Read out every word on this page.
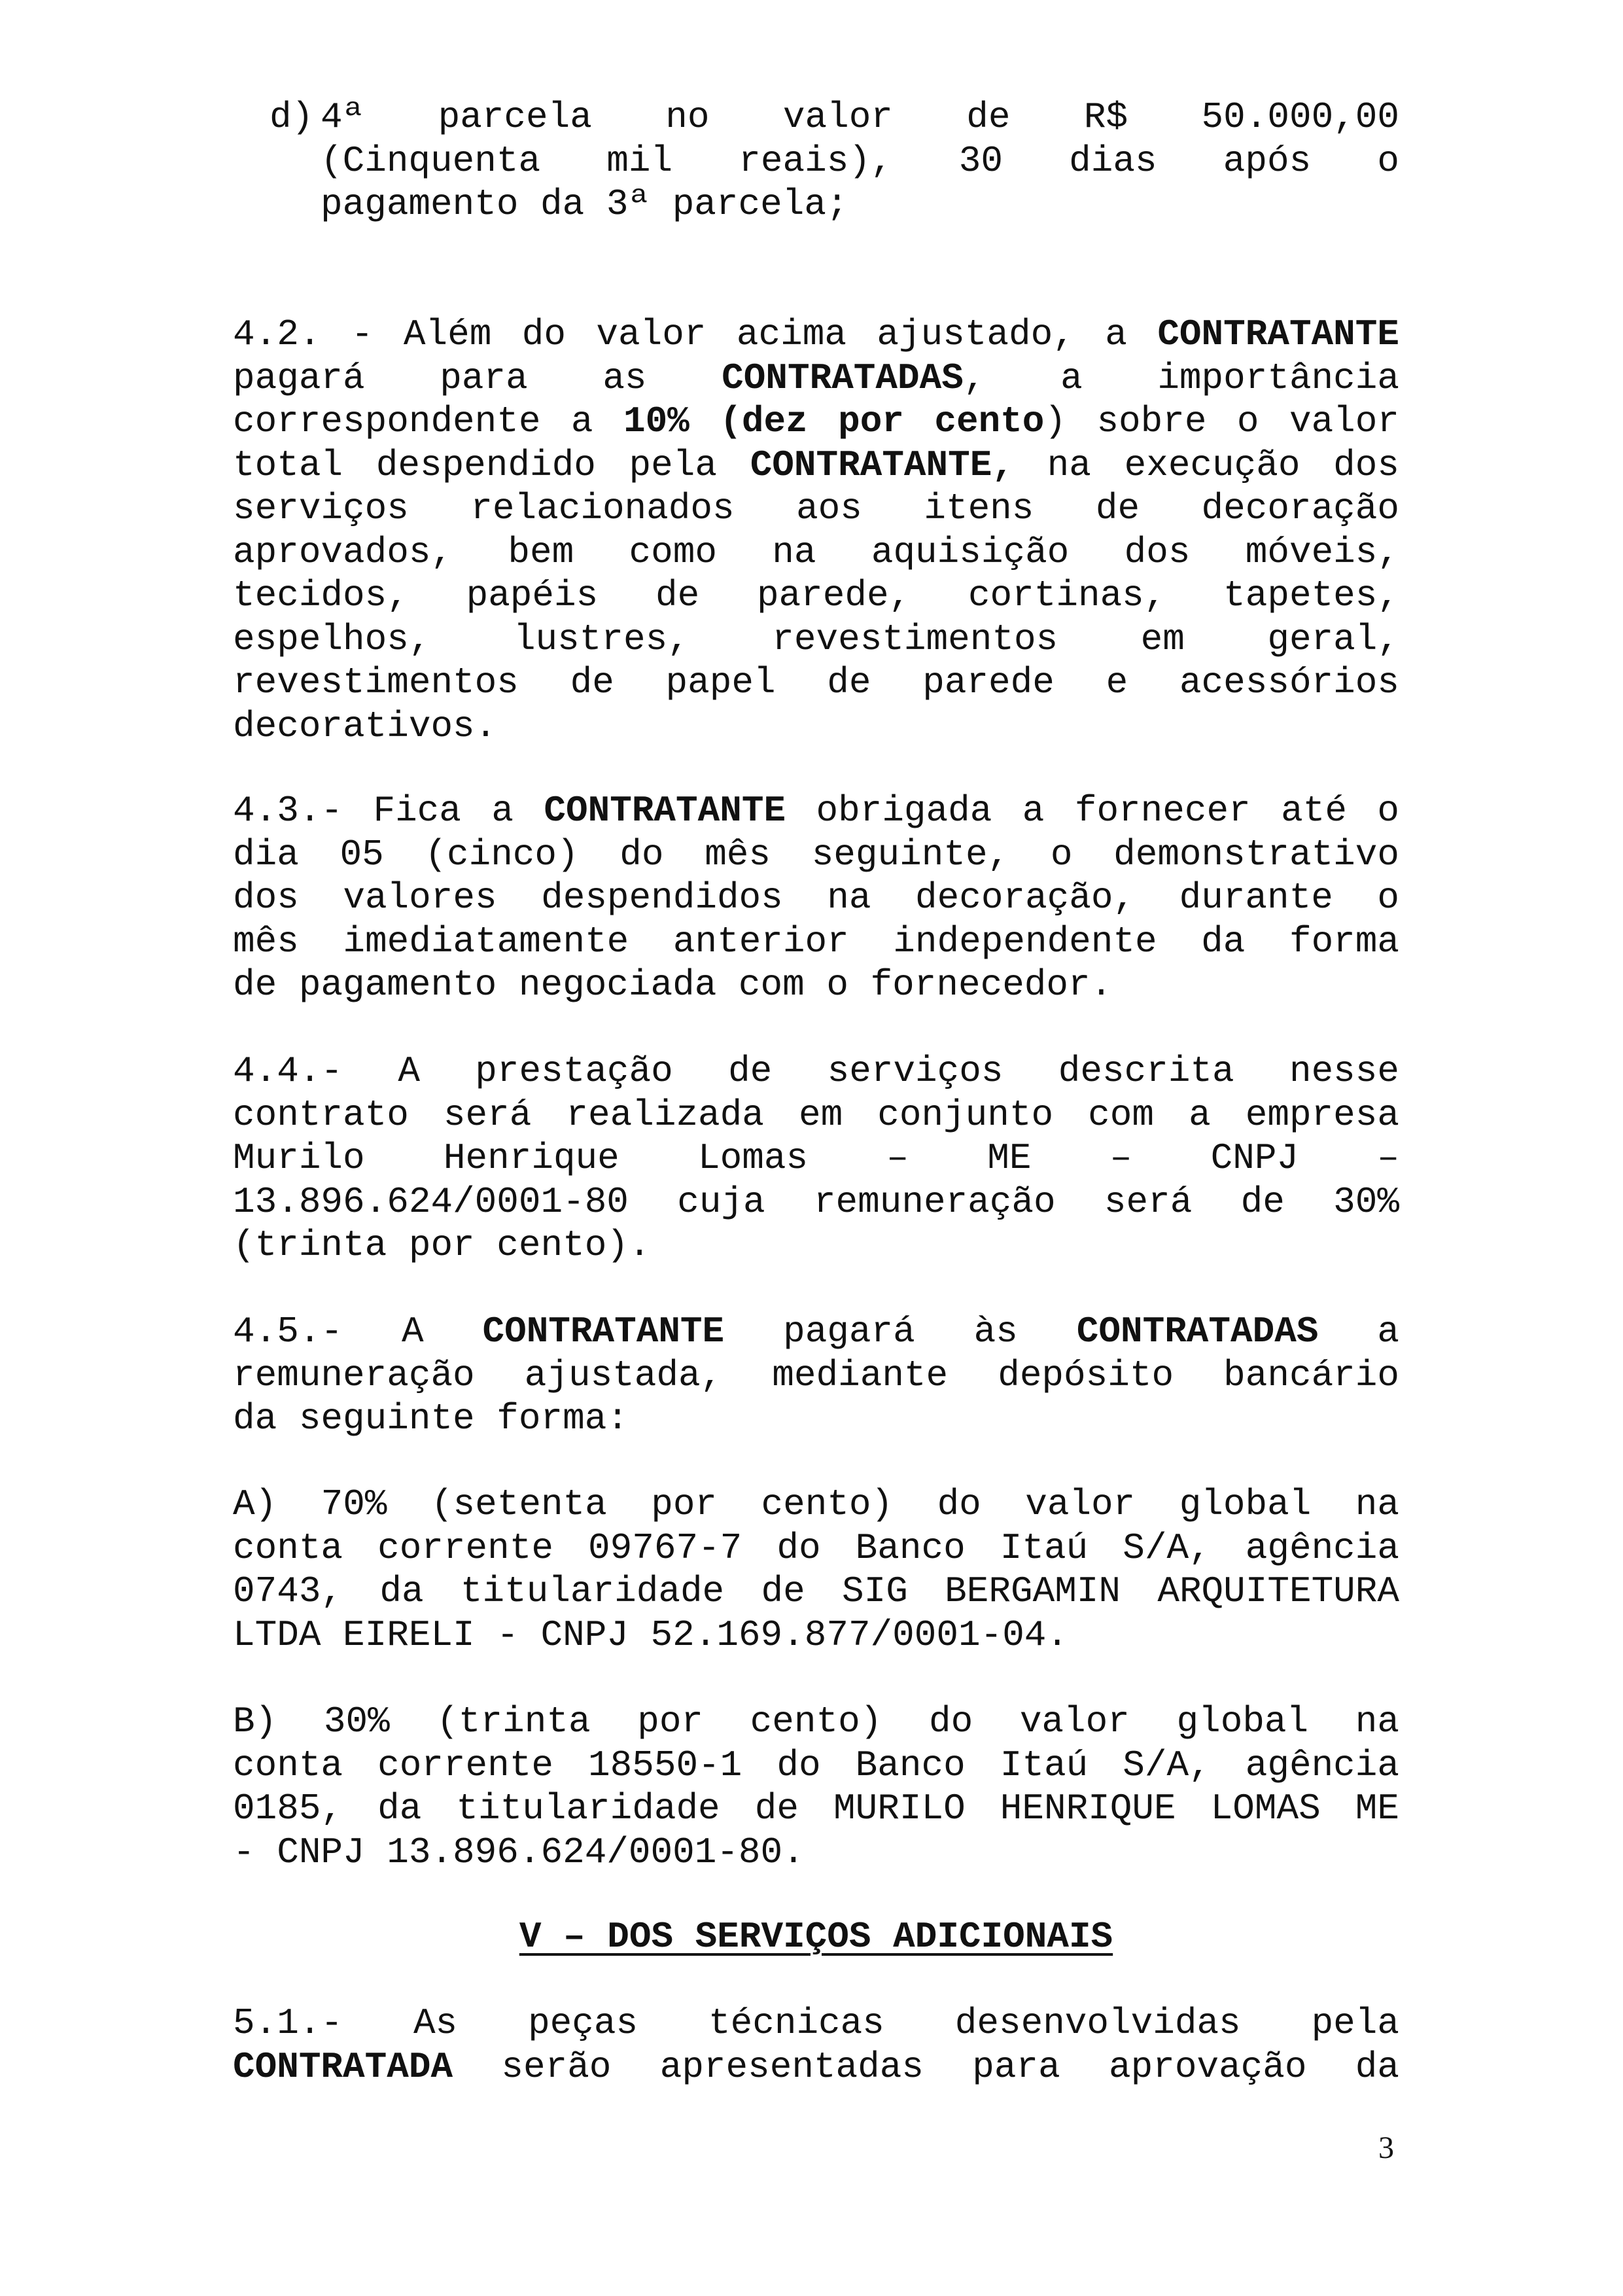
d) 4ª parcela no valor de R$ 50.000,00
(Cinquenta mil reais), 30 dias após o
pagamento da 3ª parcela;
4.2. - Além do valor acima ajustado, a CONTRATANTE
pagará para as CONTRATADAS, a importância
correspondente a 10% (dez por cento) sobre o valor
total despendido pela CONTRATANTE, na execução dos
serviços relacionados aos itens de decoração
aprovados, bem como na aquisição dos móveis,
tecidos, papéis de parede, cortinas, tapetes,
espelhos, lustres, revestimentos em geral,
revestimentos de papel de parede e acessórios
decorativos.
4.3.- Fica a CONTRATANTE obrigada a fornecer até o
dia 05 (cinco) do mês seguinte, o demonstrativo
dos valores despendidos na decoração, durante o
mês imediatamente anterior independente da forma
de pagamento negociada com o fornecedor.
4.4.- A prestação de serviços descrita nesse
contrato será realizada em conjunto com a empresa
Murilo Henrique Lomas – ME – CNPJ –
13.896.624/0001-80 cuja remuneração será de 30%
(trinta por cento).
4.5.- A CONTRATANTE pagará às CONTRATADAS a
remuneração ajustada, mediante depósito bancário
da seguinte forma:
A) 70% (setenta por cento) do valor global na
conta corrente 09767-7 do Banco Itaú S/A, agência
0743, da titularidade de SIG BERGAMIN ARQUITETURA
LTDA EIRELI - CNPJ 52.169.877/0001-04.
B) 30% (trinta por cento) do valor global na
conta corrente 18550-1 do Banco Itaú S/A, agência
0185, da titularidade de MURILO HENRIQUE LOMAS ME
- CNPJ 13.896.624/0001-80.
V – DOS SERVIÇOS ADICIONAIS
5.1.- As peças técnicas desenvolvidas pela
CONTRATADA serão apresentadas para aprovação da
3
